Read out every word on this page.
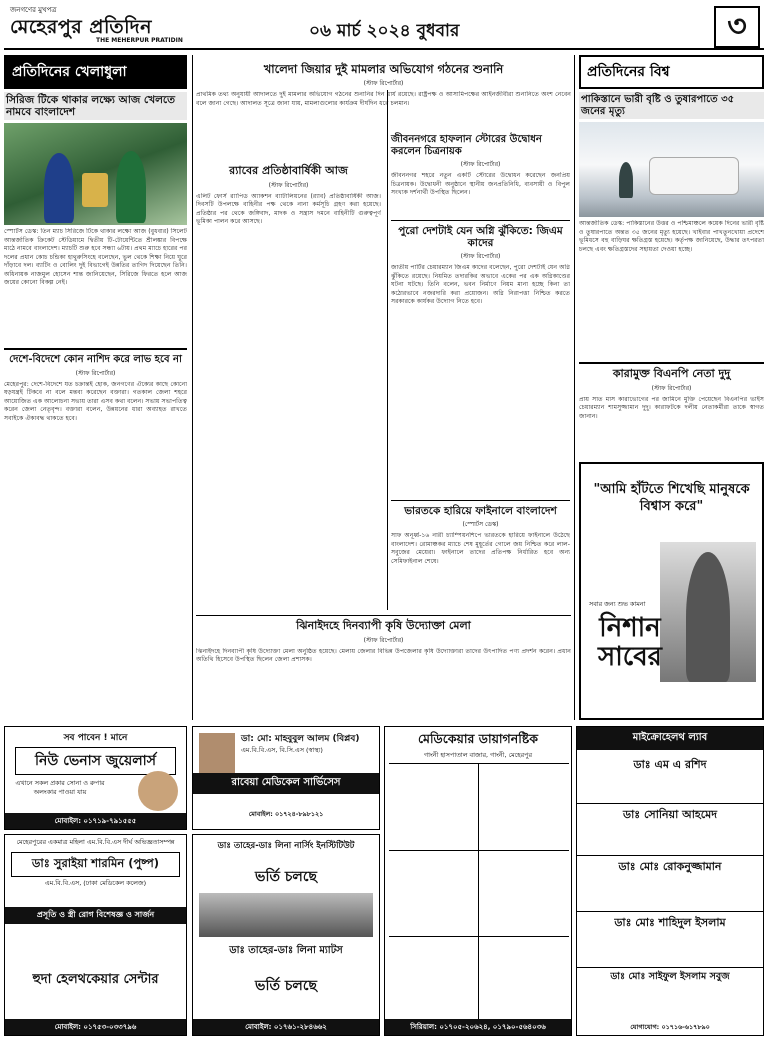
জনগণের মুখপত্র
মেহেরপুর প্রতিদিন
THE MEHERPUR PRATIDIN	০৬ মার্চ ২০২৪ বুধবার	৩
প্রতিদিনের খেলাধুলা
সিরিজ টিকে থাকার লক্ষ্যে আজ খেলতে নামবে বাংলাদেশ
স্পোর্টস ডেস্ক: তিন ম্যাচ সিরিজে টিকে থাকার লক্ষ্যে আজ (বুধবার) সিলেট আন্তর্জাতিক ক্রিকেট স্টেডিয়ামে দ্বিতীয় টি-টোয়েন্টিতে শ্রীলঙ্কার বিপক্ষে মাঠে নামবে বাংলাদেশ। ম্যাচটি শুরু হবে সন্ধ্যা ৬টায়। প্রথম ম্যাচে হারের পর দলের প্রধান কোচ চন্ডিকা হাথুরুসিংহে বলেছেন, ভুল থেকে শিক্ষা নিয়ে ঘুরে দাঁড়াবে দল। ব্যাটিং ও বোলিং দুই বিভাগেই উন্নতির তাগিদ দিয়েছেন তিনি। অধিনায়ক নাজমুল হোসেন শান্ত জানিয়েছেন, সিরিজে ফিরতে হলে আজ জয়ের কোনো বিকল্প নেই।
দেশে-বিদেশে কোন নাশিদ করে লাভ হবে না
(স্টাফ রিপোর্টার)
মেহেরপুর: দেশে-বিদেশে যত চক্রান্তই হোক, জনগণের ঐক্যের কাছে কোনো ষড়যন্ত্রই টিকবে না বলে মন্তব্য করেছেন বক্তারা। গতকাল জেলা শহরে আয়োজিত এক আলোচনা সভায় তারা এসব কথা বলেন। সভায় সভাপতিত্ব করেন জেলা নেতৃবৃন্দ। বক্তারা বলেন, উন্নয়নের ধারা অব্যাহত রাখতে সবাইকে ঐক্যবদ্ধ থাকতে হবে।
খালেদা জিয়ার দুই মামলার অভিযোগ গঠনের শুনানি
(স্টাফ রিপোর্টার)
প্রাথমিক তথ্য অনুযায়ী আদালতে দুই মামলার অভিযোগ গঠনের শুনানির দিন ধার্য রয়েছে। রাষ্ট্রপক্ষ ও আসামিপক্ষের আইনজীবীরা শুনানিতে অংশ নেবেন বলে জানা গেছে। আদালত সূত্রে জানা যায়, মামলাগুলোর কার্যক্রম দীর্ঘদিন ধরে চলমান।
র‍্যাবের প্রতিষ্ঠাবার্ষিকী আজ
(স্টাফ রিপোর্টার)
এলিট ফোর্স র‍্যাপিড অ্যাকশন ব্যাটালিয়নের (র‍্যাব) প্রতিষ্ঠাবার্ষিকী আজ। দিবসটি উপলক্ষে বাহিনীর পক্ষ থেকে নানা কর্মসূচি গ্রহণ করা হয়েছে। প্রতিষ্ঠার পর থেকে জঙ্গিবাদ, মাদক ও সন্ত্রাস দমনে বাহিনীটি গুরুত্বপূর্ণ ভূমিকা পালন করে আসছে।
জীবননগরে হাফলান স্টোরের উদ্বোধন করলেন চিত্রনায়ক
(স্টাফ রিপোর্টার)
জীবননগর শহরে নতুন একটি স্টোরের উদ্বোধন করেছেন জনপ্রিয় চিত্রনায়ক। উদ্বোধনী অনুষ্ঠানে স্থানীয় জনপ্রতিনিধি, ব্যবসায়ী ও বিপুল সংখ্যক দর্শনার্থী উপস্থিত ছিলেন।
পুরো দেশটাই যেন অগ্নি ঝুঁকিতে: জিএম কাদের
(স্টাফ রিপোর্টার)
জাতীয় পার্টির চেয়ারম্যান জিএম কাদের বলেছেন, পুরো দেশটাই যেন অগ্নি ঝুঁকিতে রয়েছে। নিয়মিত তদারকির অভাবে একের পর এক অগ্নিকাণ্ডের ঘটনা ঘটছে। তিনি বলেন, ভবন নির্মাণে নিয়ম মানা হচ্ছে কিনা তা কঠোরভাবে নজরদারি করা প্রয়োজন। অগ্নি নিরাপত্তা নিশ্চিত করতে সরকারকে কার্যকর উদ্যোগ নিতে হবে।
ভারতকে হারিয়ে ফাইনালে বাংলাদেশ
(স্পোর্টস ডেস্ক)
সাফ অনূর্ধ্ব-১৬ নারী চ্যাম্পিয়নশিপে ভারতকে হারিয়ে ফাইনালে উঠেছে বাংলাদেশ। রোমাঞ্চকর ম্যাচে শেষ মুহূর্তের গোলে জয় নিশ্চিত করে লাল-সবুজের মেয়েরা। ফাইনালে তাদের প্রতিপক্ষ নির্ধারিত হবে অন্য সেমিফাইনাল শেষে।
ঝিনাইদহে দিনব্যাপী কৃষি উদ্যোক্তা মেলা
(স্টাফ রিপোর্টার)
ঝিনাইদহে দিনব্যাপী কৃষি উদ্যোক্তা মেলা অনুষ্ঠিত হয়েছে। মেলায় জেলার বিভিন্ন উপজেলার কৃষি উদ্যোক্তারা তাদের উৎপাদিত পণ্য প্রদর্শন করেন। প্রধান অতিথি হিসেবে উপস্থিত ছিলেন জেলা প্রশাসক।
প্রতিদিনের বিশ্ব
পাকিস্তানে ভারী বৃষ্টি ও তুষারপাতে ৩৫ জনের মৃত্যু
আন্তর্জাতিক ডেস্ক: পাকিস্তানের উত্তর ও পশ্চিমাঞ্চলে কয়েক দিনের ভারী বৃষ্টি ও তুষারপাতে অন্তত ৩৫ জনের মৃত্যু হয়েছে। খাইবার পাখতুনখোয়া প্রদেশে ভূমিধসে বহু বাড়িঘর ক্ষতিগ্রস্ত হয়েছে। কর্তৃপক্ষ জানিয়েছে, উদ্ধার তৎপরতা চলছে এবং ক্ষতিগ্রস্তদের সহায়তা দেওয়া হচ্ছে।
কারামুক্ত বিএনপি নেতা দুদু
(স্টাফ রিপোর্টার)
প্রায় সাত মাস কারাভোগের পর জামিনে মুক্তি পেয়েছেন বিএনপির ভাইস চেয়ারম্যান শামসুজ্জামান দুদু। কারাফটকে দলীয় নেতাকর্মীরা তাকে স্বাগত জানান।
"আমি হাঁটতে শিখেছি মানুষকে বিশ্বাস করে"
সবার জন্য শুভ কামনা
নিশান সাবের
সব পাবেন ! মানে
নিউ ভেনাস জুয়েলার্স
এখানে সকল প্রকার সোনা ও রুপার অলংকার পাওয়া যায়
মোবাইল: ০১৭১৯-৭৯১৫৫৫
ডা: মো: মাহবুবুল আলম (বিপ্লব)
এম.বি.বি.এস, বি.সি.এস (স্বাস্থ্য)
রাবেয়া মেডিকেল সার্ভিসেস
মোবাইল: ০১৭২৪-৮৯৮১২১
মেডিকেয়ার ডায়াগনষ্টিক
গাংনী হাসপাতাল বাজার, গাংনী, মেহেরপুর
সিরিয়াল: ০১৭০৫-২০৬২৪, ০১৭৯০-৫৬৪০৩৬
মাইক্রোহেলথ ল্যাব
ডাঃ এম এ রশিদ
ডাঃ সোনিয়া আহমেদ
ডাঃ মোঃ রোকনুজ্জামান
ডাঃ মোঃ শাহিদুল ইসলাম
ডাঃ মোঃ সাইফুল ইসলাম সবুজ
যোগাযোগ: ০১৭১৬-৬১৭৮৯০
মেহেরপুরের একমাত্র মহিলা এম.বি.বি.এস দীর্ঘ অভিজ্ঞতাসম্পন্ন
ডাঃ সুরাইয়া শারমিন (পুষ্প)
এম.বি.বি.এস, (ঢাকা মেডিকেল কলেজ)
প্রসূতি ও স্ত্রী রোগ বিশেষজ্ঞ ও সার্জন
হুদা হেলথকেয়ার সেন্টার
মোবাইল: ০১৭৫৩-০৩৩৭৯৬
ডাঃ তাহের-ডাঃ লিনা নার্সিং ইনস্টিটিউট
ভর্তি চলছে
ডাঃ তাহের-ডাঃ লিনা ম্যাটস
ভর্তি চলছে
মোবাইল: ০১৭৬১-২৮৪৬৬২
